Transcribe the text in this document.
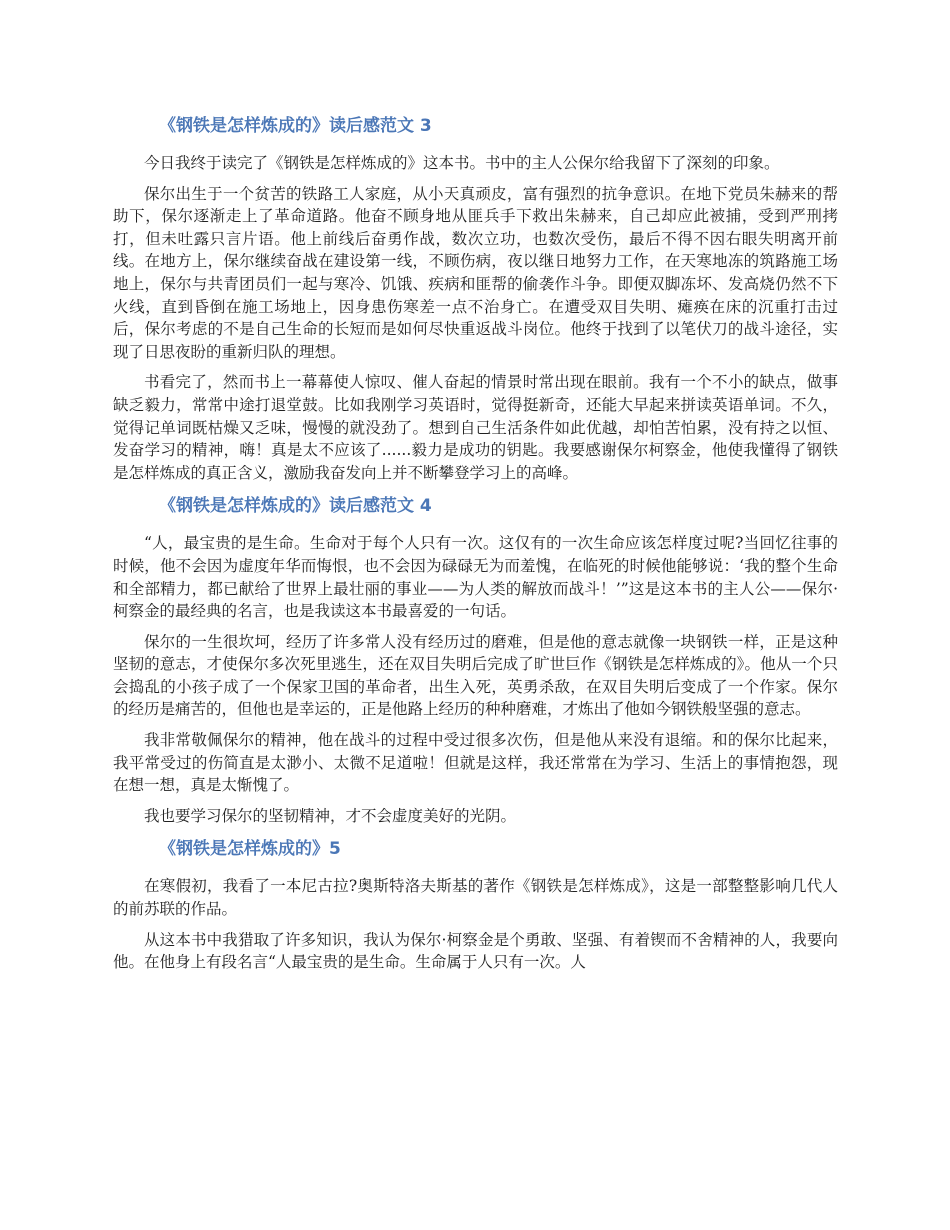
《钢铁是怎样炼成的》读后感范文 3

今日我终于读完了《钢铁是怎样炼成的》这本书。书中的主人公保尔给我留下了深刻的印象。

保尔出生于一个贫苦的铁路工人家庭，从小天真顽皮，富有强烈的抗争意识。在地下党员朱赫来的帮助下，保尔逐渐走上了革命道路。他奋不顾身地从匪兵手下救出朱赫来，自己却应此被捕，受到严刑拷打，但未吐露只言片语。他上前线后奋勇作战，数次立功，也数次受伤，最后不得不因右眼失明离开前线。在地方上，保尔继续奋战在建设第一线，不顾伤病，夜以继日地努力工作，在天寒地冻的筑路施工场地上，保尔与共青团员们一起与寒冷、饥饿、疾病和匪帮的偷袭作斗争。即便双脚冻坏、发高烧仍然不下火线，直到昏倒在施工场地上，因身患伤寒差一点不治身亡。在遭受双目失明、瘫痪在床的沉重打击过后，保尔考虑的不是自己生命的长短而是如何尽快重返战斗岗位。他终于找到了以笔伏刀的战斗途径，实现了日思夜盼的重新归队的理想。

书看完了，然而书上一幕幕使人惊叹、催人奋起的情景时常出现在眼前。我有一个不小的缺点，做事缺乏毅力，常常中途打退堂鼓。比如我刚学习英语时，觉得挺新奇，还能大早起来拼读英语单词。不久，觉得记单词既枯燥又乏味，慢慢的就没劲了。想到自己生活条件如此优越，却怕苦怕累，没有持之以恒、发奋学习的精神，嗨！真是太不应该了......毅力是成功的钥匙。我要感谢保尔柯察金，他使我懂得了钢铁是怎样炼成的真正含义，激励我奋发向上并不断攀登学习上的高峰。

《钢铁是怎样炼成的》读后感范文 4

“人，最宝贵的是生命。生命对于每个人只有一次。这仅有的一次生命应该怎样度过呢?当回忆往事的时候，他不会因为虚度年华而悔恨，也不会因为碌碌无为而羞愧，在临死的时候他能够说：‘我的整个生命和全部精力，都已献给了世界上最壮丽的事业——为人类的解放而战斗！’”这是这本书的主人公——保尔·柯察金的最经典的名言，也是我读这本书最喜爱的一句话。

保尔的一生很坎坷，经历了许多常人没有经历过的磨难，但是他的意志就像一块钢铁一样，正是这种坚韧的意志，才使保尔多次死里逃生，还在双目失明后完成了旷世巨作《钢铁是怎样炼成的》。他从一个只会捣乱的小孩子成了一个保家卫国的革命者，出生入死，英勇杀敌，在双目失明后变成了一个作家。保尔的经历是痛苦的，但他也是幸运的，正是他路上经历的种种磨难，才炼出了他如今钢铁般坚强的意志。

我非常敬佩保尔的精神，他在战斗的过程中受过很多次伤，但是他从来没有退缩。和的保尔比起来，我平常受过的伤简直是太渺小、太微不足道啦！但就是这样，我还常常在为学习、生活上的事情抱怨，现在想一想，真是太惭愧了。

我也要学习保尔的坚韧精神，才不会虚度美好的光阴。

《钢铁是怎样炼成的》5

在寒假初，我看了一本尼古拉?奥斯特洛夫斯基的著作《钢铁是怎样炼成》，这是一部整整影响几代人的前苏联的作品。

从这本书中我猎取了许多知识，我认为保尔·柯察金是个勇敢、坚强、有着锲而不舍精神的人，我要向他。在他身上有段名言“人最宝贵的是生命。生命属于人只有一次。人
